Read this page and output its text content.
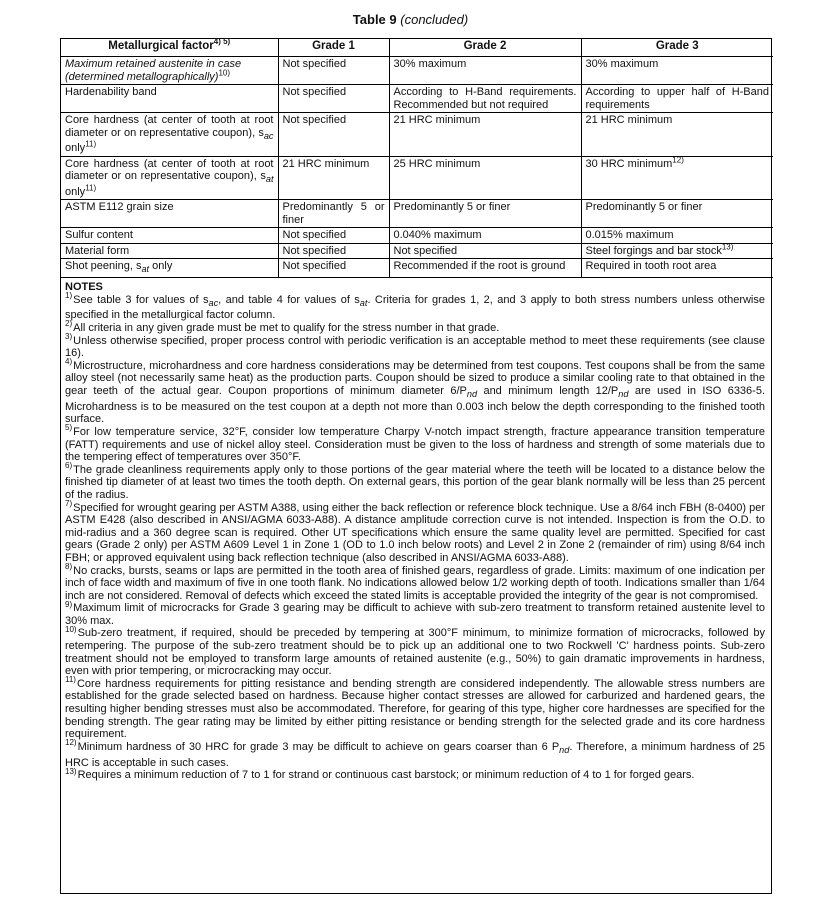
Table 9 (concluded)
Metallurgical factor$^{4) 5)}$	Grade 1	Grade 2	Grade 3
Maximum retained austenite in case (determined metallographically)$^{10)}$	Not specified	30% maximum	30% maximum
Hardenability band	Not specified	According to H-Band requirements. Recommended but not required	According to upper half of H-Band requirements
Core hardness (at center of tooth at root diameter or on representative coupon), $s_{ac}$ only$^{11)}$	Not specified	21 HRC minimum	21 HRC minimum
Core hardness (at center of tooth at root diameter or on representative coupon), $s_{at}$ only$^{11)}$	21 HRC minimum	25 HRC minimum	30 HRC minimum$^{12)}$
ASTM E112 grain size	Predominantly 5 or finer	Predominantly 5 or finer	Predominantly 5 or finer
Sulfur content	Not specified	0.040% maximum	0.015% maximum
Material form	Not specified	Not specified	Steel forgings and bar stock$^{13)}$
Shot peening, $s_{at}$ only	Not specified	Recommended if the root is ground	Required in tooth root area
NOTES

$^{1)}$See table 3 for values of $s_{ac}$, and table 4 for values of $s_{at}$. Criteria for grades 1, 2, and 3 apply to both stress numbers unless otherwise specified in the metallurgical factor column.

$^{2)}$All criteria in any given grade must be met to qualify for the stress number in that grade.

$^{3)}$Unless otherwise specified, proper process control with periodic verification is an acceptable method to meet these requirements (see clause 16).

$^{4)}$Microstructure, microhardness and core hardness considerations may be determined from test coupons. Test coupons shall be from the same alloy steel (not necessarily same heat) as the production parts. Coupon should be sized to produce a similar cooling rate to that obtained in the gear teeth of the actual gear. Coupon proportions of minimum diameter $6/P_{nd}$ and minimum length $12/P_{nd}$ are used in ISO 6336-5. Microhardness is to be measured on the test coupon at a depth not more than 0.003 inch below the depth corresponding to the finished tooth surface.

$^{5)}$For low temperature service, 32°F, consider low temperature Charpy V-notch impact strength, fracture appearance transition temperature (FATT) requirements and use of nickel alloy steel. Consideration must be given to the loss of hardness and strength of some materials due to the tempering effect of temperatures over 350°F.

$^{6)}$The grade cleanliness requirements apply only to those portions of the gear material where the teeth will be located to a distance below the finished tip diameter of at least two times the tooth depth. On external gears, this portion of the gear blank normally will be less than 25 percent of the radius.

$^{7)}$Specified for wrought gearing per ASTM A388, using either the back reflection or reference block technique. Use a 8/64 inch FBH (8-0400) per ASTM E428 (also described in ANSI/AGMA 6033-A88). A distance amplitude correction curve is not intended. Inspection is from the O.D. to mid-radius and a 360 degree scan is required. Other UT specifications which ensure the same quality level are permitted. Specified for cast gears (Grade 2 only) per ASTM A609 Level 1 in Zone 1 (OD to 1.0 inch below roots) and Level 2 in Zone 2 (remainder of rim) using 8/64 inch FBH; or approved equivalent using back reflection technique (also described in ANSI/AGMA 6033-A88).

$^{8)}$No cracks, bursts, seams or laps are permitted in the tooth area of finished gears, regardless of grade. Limits: maximum of one indication per inch of face width and maximum of five in one tooth flank. No indications allowed below 1/2 working depth of tooth. Indications smaller than 1/64 inch are not considered. Removal of defects which exceed the stated limits is acceptable provided the integrity of the gear is not compromised.

$^{9)}$Maximum limit of microcracks for Grade 3 gearing may be difficult to achieve with sub-zero treatment to transform retained austenite level to 30% max.

$^{10)}$Sub-zero treatment, if required, should be preceded by tempering at 300°F minimum, to minimize formation of microcracks, followed by retempering. The purpose of the sub-zero treatment should be to pick up an additional one to two Rockwell 'C' hardness points. Sub-zero treatment should not be employed to transform large amounts of retained austenite (e.g., 50%) to gain dramatic improvements in hardness, even with prior tempering, or microcracking may occur.

$^{11)}$Core hardness requirements for pitting resistance and bending strength are considered independently. The allowable stress numbers are established for the grade selected based on hardness. Because higher contact stresses are allowed for carburized and hardened gears, the resulting higher bending stresses must also be accommodated. Therefore, for gearing of this type, higher core hardnesses are specified for the bending strength. The gear rating may be limited by either pitting resistance or bending strength for the selected grade and its core hardness requirement.

$^{12)}$Minimum hardness of 30 HRC for grade 3 may be difficult to achieve on gears coarser than 6 $P_{nd}$. Therefore, a minimum hardness of 25 HRC is acceptable in such cases.

$^{13)}$Requires a minimum reduction of 7 to 1 for strand or continuous cast barstock; or minimum reduction of 4 to 1 for forged gears.
